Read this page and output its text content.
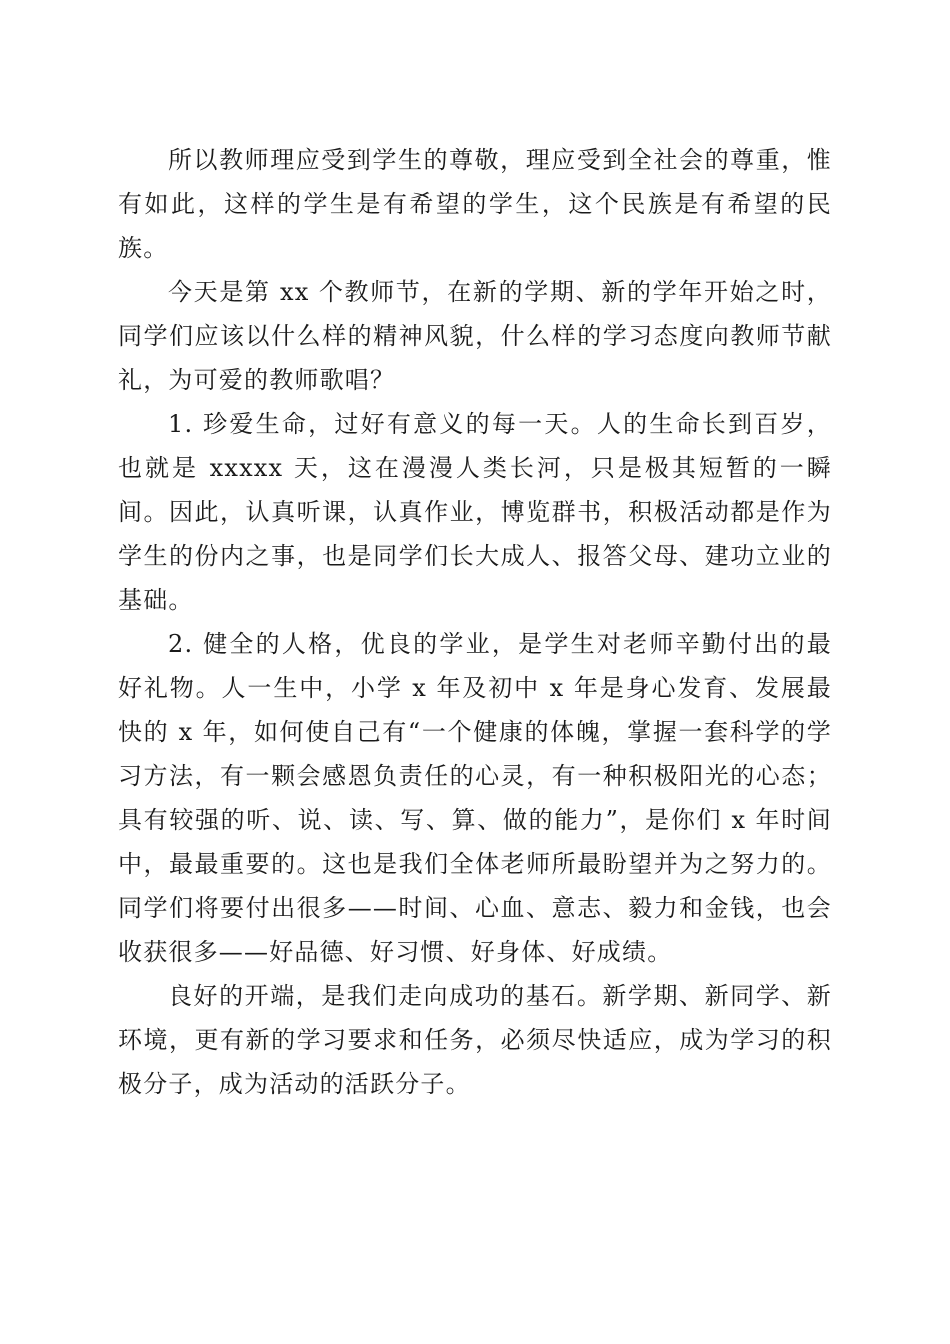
所以教师理应受到学生的尊敬，理应受到全社会的尊重，惟有如此，这样的学生是有希望的学生，这个民族是有希望的民族。

今天是第 xx 个教师节，在新的学期、新的学年开始之时，同学们应该以什么样的精神风貌，什么样的学习态度向教师节献礼，为可爱的教师歌唱？

1. 珍爱生命，过好有意义的每一天。人的生命长到百岁，也就是 xxxxx 天，这在漫漫人类长河，只是极其短暂的一瞬间。因此，认真听课，认真作业，博览群书，积极活动都是作为学生的份内之事，也是同学们长大成人、报答父母、建功立业的基础。

2. 健全的人格，优良的学业，是学生对老师辛勤付出的最好礼物。人一生中，小学 x 年及初中 x 年是身心发育、发展最快的 x 年，如何使自己有“一个健康的体魄，掌握一套科学的学习方法，有一颗会感恩负责任的心灵，有一种积极阳光的心态；具有较强的听、说、读、写、算、做的能力”，是你们 x 年时间中，最最重要的。这也是我们全体老师所最盼望并为之努力的。同学们将要付出很多——时间、心血、意志、毅力和金钱，也会收获很多——好品德、好习惯、好身体、好成绩。

良好的开端，是我们走向成功的基石。新学期、新同学、新环境，更有新的学习要求和任务，必须尽快适应，成为学习的积极分子，成为活动的活跃分子。
